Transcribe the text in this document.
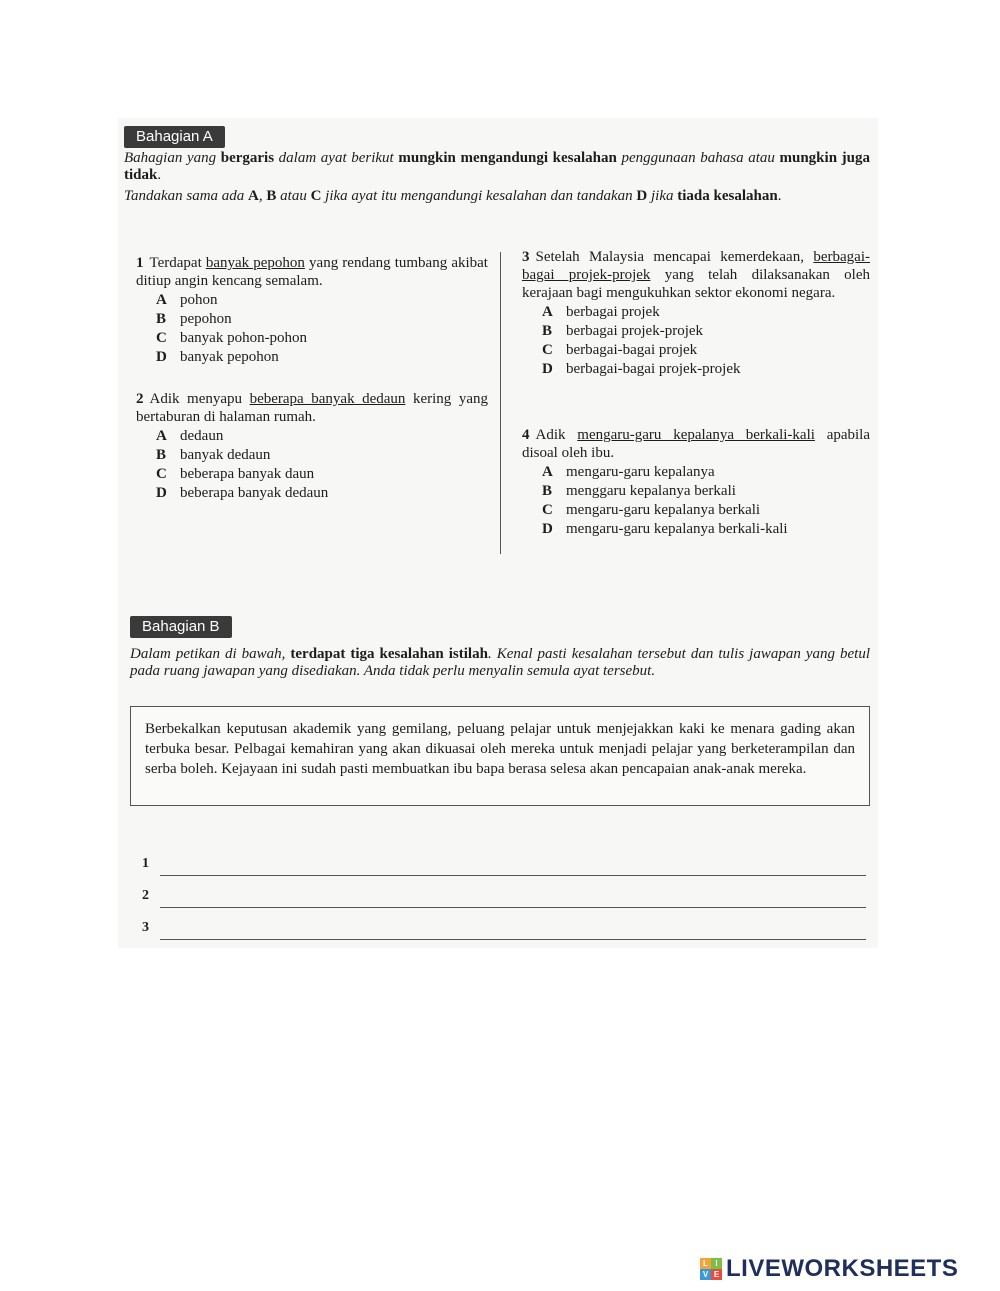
Bahagian A
Bahagian yang bergaris dalam ayat berikut mungkin mengandungi kesalahan penggunaan bahasa atau mungkin juga tidak.
Tandakan sama ada A, B atau C jika ayat itu mengandungi kesalahan dan tandakan D jika tiada kesalahan.
1 Terdapat banyak pepohon yang rendang tumbang akibat ditiup angin kencang semalam.
A pohon
B pepohon
C banyak pohon-pohon
D banyak pepohon
2 Adik menyapu beberapa banyak dedaun kering yang bertaburan di halaman rumah.
A dedaun
B banyak dedaun
C beberapa banyak daun
D beberapa banyak dedaun
3 Setelah Malaysia mencapai kemerdekaan, berbagai-bagai projek-projek yang telah dilaksanakan oleh kerajaan bagi mengukuhkan sektor ekonomi negara.
A berbagai projek
B berbagai projek-projek
C berbagai-bagai projek
D berbagai-bagai projek-projek
4 Adik mengaru-garu kepalanya berkali-kali apabila disoal oleh ibu.
A mengaru-garu kepalanya
B menggaru kepalanya berkali
C mengaru-garu kepalanya berkali
D mengaru-garu kepalanya berkali-kali
Bahagian B
Dalam petikan di bawah, terdapat tiga kesalahan istilah. Kenal pasti kesalahan tersebut dan tulis jawapan yang betul pada ruang jawapan yang disediakan. Anda tidak perlu menyalin semula ayat tersebut.
Berbekalkan keputusan akademik yang gemilang, peluang pelajar untuk menjejakkan kaki ke menara gading akan terbuka besar. Pelbagai kemahiran yang akan dikuasai oleh mereka untuk menjadi pelajar yang berketerampilan dan serba boleh. Kejayaan ini sudah pasti membuatkan ibu bapa berasa selesa akan pencapaian anak-anak mereka.
1
2
3
L I
V E LIVEWORKSHEETS
